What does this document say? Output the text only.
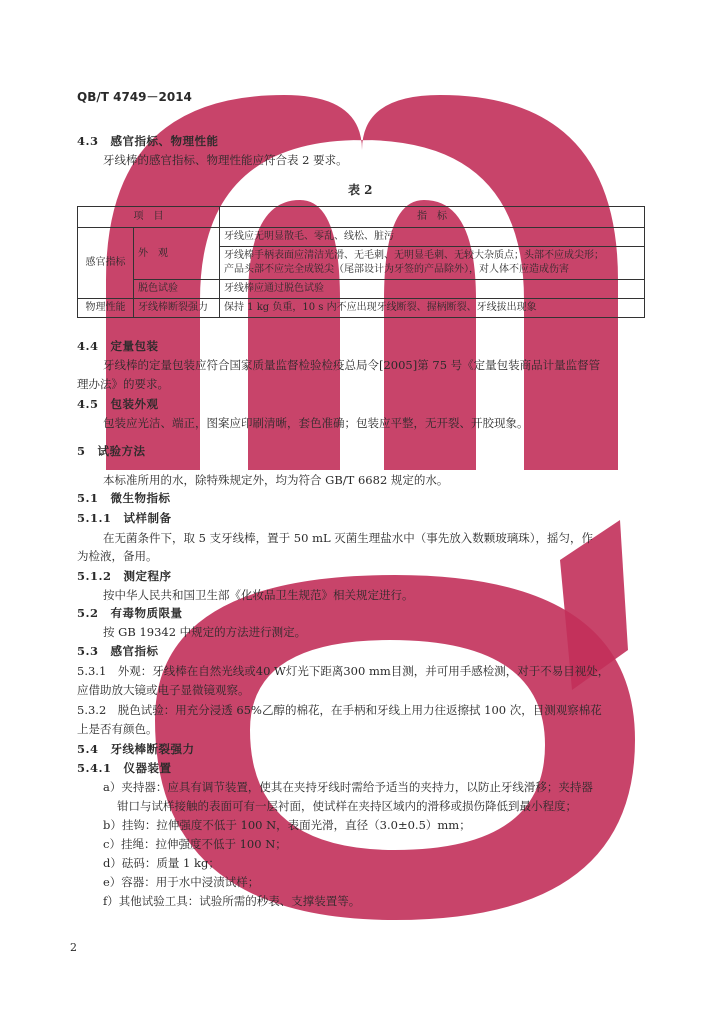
QB/T 4749－2014
4.3　感官指标、物理性能
牙线棒的感官指标、物理性能应符合表 2 要求。
表 2
项　目		指　标
感官指标	外　观	牙线应无明显散毛、零乱、线松、脏污

		牙线棒手柄表面应清洁光滑、无毛刺、无明显毛刺、无较大杂质点；头部不应成尖形；
产品头部不应完全成锐尖（尾部设计为牙签的产品除外），对人体不应造成伤害

	脱色试验	牙线棒应通过脱色试验
物理性能	牙线棒断裂强力	保持 1 kg 负重，10 s 内不应出现牙线断裂、握柄断裂、牙线拔出现象
4.4　定量包装
牙线棒的定量包装应符合国家质量监督检验检疫总局令[2005]第 75 号《定量包装商品计量监督管
理办法》的要求。
4.5　包装外观
包装应光洁、端正，图案应印刷清晰，套色准确；包装应平整，无开裂、开胶现象。
5　试验方法
本标准所用的水，除特殊规定外，均为符合 GB/T 6682 规定的水。
5.1　微生物指标
5.1.1　试样制备
在无菌条件下，取 5 支牙线棒，置于 50 mL 灭菌生理盐水中（事先放入数颗玻璃珠），摇匀，作
为检液，备用。
5.1.2　测定程序
按中华人民共和国卫生部《化妆品卫生规范》相关规定进行。
5.2　有毒物质限量
按 GB 19342 中规定的方法进行测定。
5.3　感官指标
5.3.1　外观：牙线棒在自然光线或40 W灯光下距离300 mm目测，并可用手感检测，对于不易目视处，
应借助放大镜或电子显微镜观察。
5.3.2　脱色试验：用充分浸透 65%乙醇的棉花，在手柄和牙线上用力往返擦拭 100 次，目测观察棉花
上是否有颜色。
5.4　牙线棒断裂强力
5.4.1　仪器装置
a）夹持器：应具有调节装置，使其在夹持牙线时需给予适当的夹持力，以防止牙线滑移；夹持器
钳口与试样接触的表面可有一层衬面，使试样在夹持区域内的滑移或损伤降低到最小程度；
b）挂钩：拉伸强度不低于 100 N，表面光滑，直径（3.0±0.5）mm；
c）挂绳：拉伸强度不低于 100 N；
d）砝码：质量 1 kg；
e）容器：用于水中浸渍试样；
f）其他试验工具：试验所需的秒表、支撑装置等。
2
